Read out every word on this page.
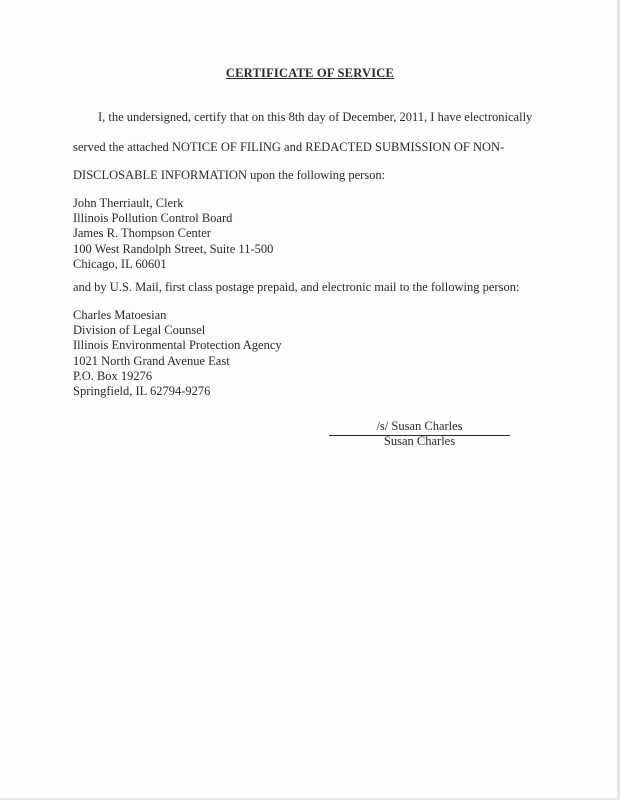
CERTIFICATE OF SERVICE
I, the undersigned, certify that on this 8th day of December, 2011, I have electronically
served the attached NOTICE OF FILING and REDACTED SUBMISSION OF NON-
DISCLOSABLE INFORMATION upon the following person:
John Therriault, Clerk
Illinois Pollution Control Board
James R. Thompson Center
100 West Randolph Street, Suite 11-500
Chicago, IL 60601
and by U.S. Mail, first class postage prepaid, and electronic mail to the following person:
Charles Matoesian
Division of Legal Counsel
Illinois Environmental Protection Agency
1021 North Grand Avenue East
P.O. Box 19276
Springfield, IL 62794-9276
/s/ Susan Charles
Susan Charles
